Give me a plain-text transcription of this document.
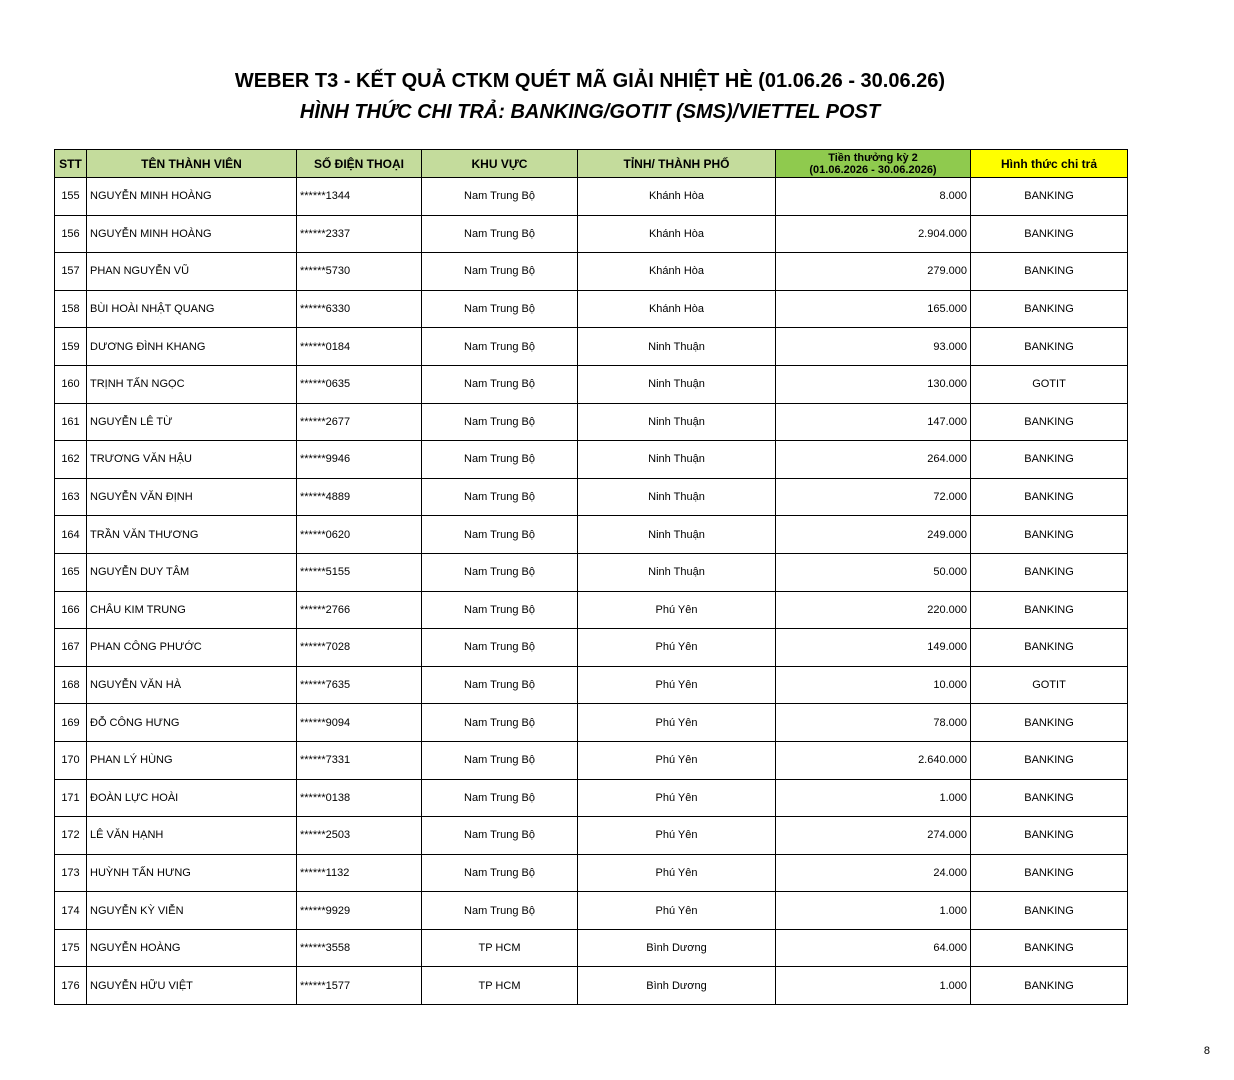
WEBER T3 - KẾT QUẢ CTKM QUÉT MÃ GIẢI NHIỆT HÈ (01.06.26 - 30.06.26)
HÌNH THỨC CHI TRẢ: BANKING/GOTIT (SMS)/VIETTEL POST
STT	TÊN THÀNH VIÊN	SỐ ĐIỆN THOẠI	KHU VỰC	TỈNH/ THÀNH PHỐ	Tiền thưởng kỳ 2
(01.06.2026 - 30.06.2026)	Hình thức chi trả
155	NGUYỄN MINH HOÀNG	******1344	Nam Trung Bộ	Khánh Hòa	8.000	BANKING
156	NGUYỄN MINH HOÀNG	******2337	Nam Trung Bộ	Khánh Hòa	2.904.000	BANKING
157	PHAN NGUYỄN VŨ	******5730	Nam Trung Bộ	Khánh Hòa	279.000	BANKING
158	BÙI HOÀI NHẬT QUANG	******6330	Nam Trung Bộ	Khánh Hòa	165.000	BANKING
159	DƯƠNG ĐÌNH KHANG	******0184	Nam Trung Bộ	Ninh Thuận	93.000	BANKING
160	TRỊNH TẤN NGỌC	******0635	Nam Trung Bộ	Ninh Thuận	130.000	GOTIT
161	NGUYỄN LÊ TỪ	******2677	Nam Trung Bộ	Ninh Thuận	147.000	BANKING
162	TRƯƠNG VĂN HẬU	******9946	Nam Trung Bộ	Ninh Thuận	264.000	BANKING
163	NGUYỄN VĂN ĐỊNH	******4889	Nam Trung Bộ	Ninh Thuận	72.000	BANKING
164	TRẦN VĂN THƯƠNG	******0620	Nam Trung Bộ	Ninh Thuận	249.000	BANKING
165	NGUYỄN DUY TÂM	******5155	Nam Trung Bộ	Ninh Thuận	50.000	BANKING
166	CHÂU KIM TRUNG	******2766	Nam Trung Bộ	Phú Yên	220.000	BANKING
167	PHAN CÔNG PHƯỚC	******7028	Nam Trung Bộ	Phú Yên	149.000	BANKING
168	NGUYỄN VĂN HÀ	******7635	Nam Trung Bộ	Phú Yên	10.000	GOTIT
169	ĐỖ CÔNG HƯNG	******9094	Nam Trung Bộ	Phú Yên	78.000	BANKING
170	PHAN LÝ HÙNG	******7331	Nam Trung Bộ	Phú Yên	2.640.000	BANKING
171	ĐOÀN LỰC HOÀI	******0138	Nam Trung Bộ	Phú Yên	1.000	BANKING
172	LÊ VĂN HẠNH	******2503	Nam Trung Bộ	Phú Yên	274.000	BANKING
173	HUỲNH TẤN HƯNG	******1132	Nam Trung Bộ	Phú Yên	24.000	BANKING
174	NGUYỄN KỲ VIỄN	******9929	Nam Trung Bộ	Phú Yên	1.000	BANKING
175	NGUYỄN HOÀNG	******3558	TP HCM	Bình Dương	64.000	BANKING
176	NGUYỄN HỮU VIỆT	******1577	TP HCM	Bình Dương	1.000	BANKING
8
